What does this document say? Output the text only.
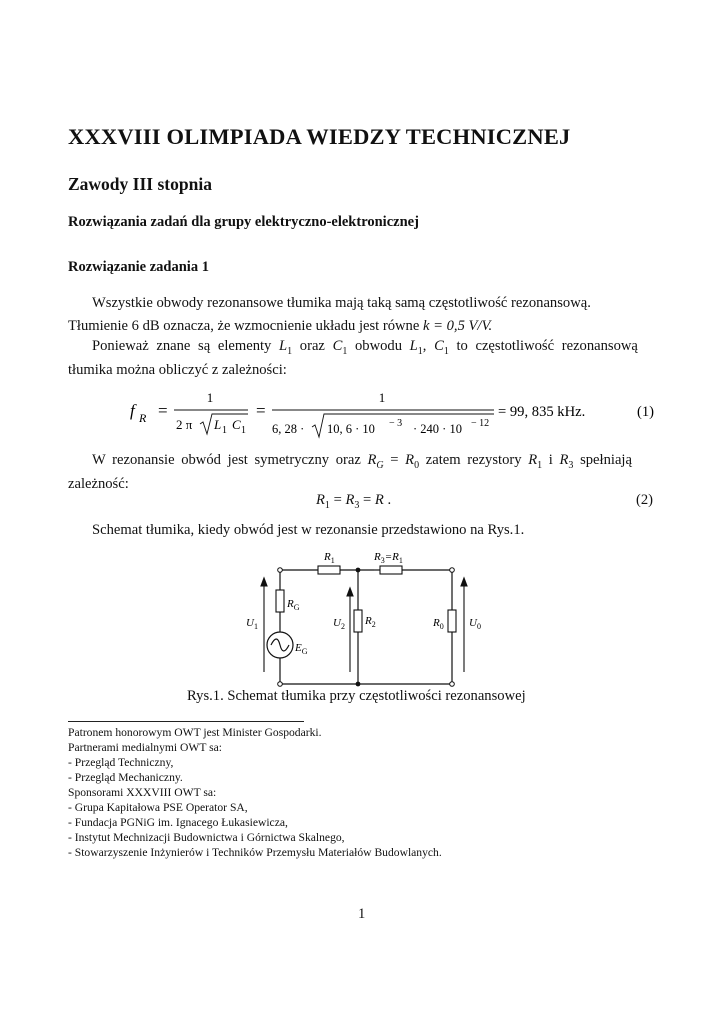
XXXVIII OLIMPIADA WIEDZY TECHNICZNEJ
Zawody III stopnia
Rozwiązania zadań dla grupy elektryczno-elektronicznej
Rozwiązanie zadania 1
Wszystkie obwody rezonansowe tłumika mają taką samą częstotliwość rezonansową.
Tłumienie 6 dB oznacza, że wzmocnienie układu jest równe k = 0,5 V/V.
Ponieważ znane są elementy $L_1$ oraz $C_1$ obwodu $L_1$, $C_1$ to częstotliwość rezonansową
tłumika można obliczyć z zależności:
f R =
1
2 π L 1 C 1
=
1
6, 28 · 10, 6 · 10 − 3 · 240 · 10 − 12
= 99, 835 kHz.	(1)
W rezonansie obwód jest symetryczny oraz $R_G = R_0$ zatem rezystory $R_1$ i $R_3$ spełniają
zależność:
$R_1 = R_3 = R$ .	(2)
Schemat tłumika, kiedy obwód jest w rezonansie przedstawiono na Rys.1.
$R_1$	$R_3=R_1$
$R_G$
$U_1$
$E_G$
$U_2$ $R_2$	$R_0$ $U_0$
Rys.1. Schemat tłumika przy częstotliwości rezonansowej
Patronem honorowym OWT jest Minister Gospodarki.
Partnerami medialnymi OWT sa:
- Przegląd Techniczny,
- Przegląd Mechaniczny.
Sponsorami XXXVIII OWT sa:
- Grupa Kapitałowa PSE Operator SA,
- Fundacja PGNiG im. Ignacego Łukasiewicza,
- Instytut Mechnizacji Budownictwa i Górnictwa Skalnego,
- Stowarzyszenie Inżynierów i Techników Przemysłu Materiałów Budowlanych.
1
